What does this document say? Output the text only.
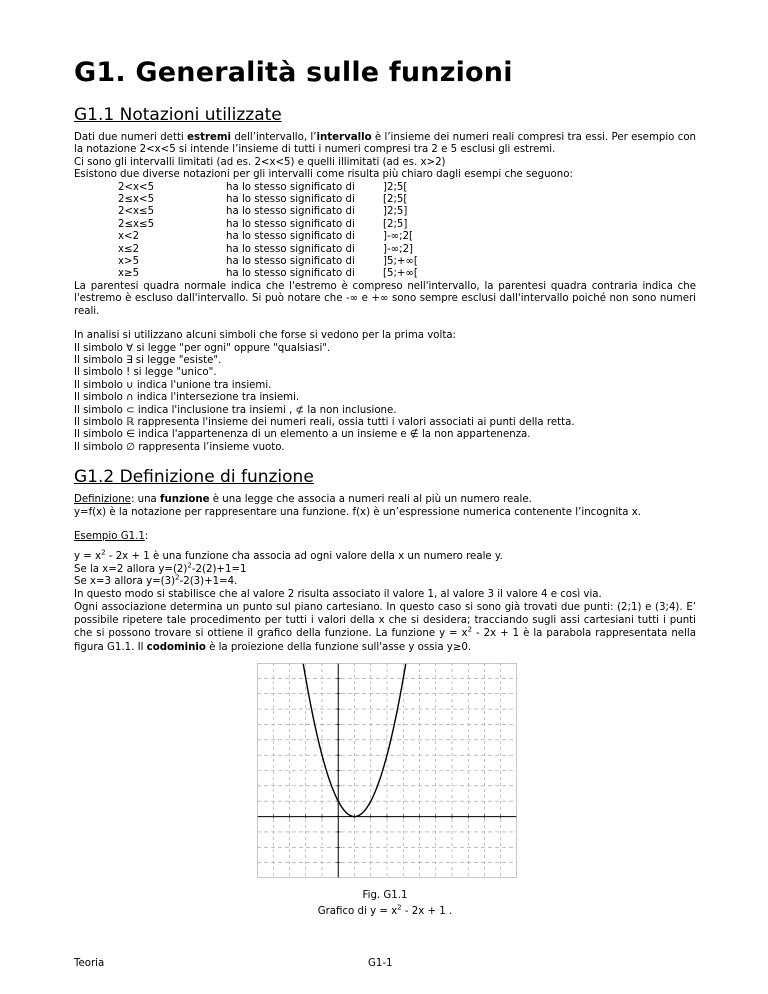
G1. Generalità sulle funzioni
G1.1 Notazioni utilizzate

Dati due numeri detti estremi dell’intervallo, l’intervallo è l’insieme dei numeri reali compresi tra essi. Per esempio con la notazione 2<x<5 si intende l’insieme di tutti i numeri compresi tra 2 e 5 esclusi gli estremi.

Ci sono gli intervalli limitati (ad es. 2<x<5) e quelli illimitati (ad es. x>2)

Esistono due diverse notazioni per gli intervalli come risulta più chiaro dagli esempi che seguono:

2<x<5	ha lo stesso significato di	]2;5[
2≤x<5	ha lo stesso significato di	[2;5[
2<x≤5	ha lo stesso significato di	]2;5]
2≤x≤5	ha lo stesso significato di	[2;5]
x<2	ha lo stesso significato di	]-∞;2[
x≤2	ha lo stesso significato di	]-∞;2]
x>5	ha lo stesso significato di	]5;+∞[
x≥5	ha lo stesso significato di	[5;+∞[

La parentesi quadra normale indica che l'estremo è compreso nell'intervallo, la parentesi quadra contraria indica che l'estremo è escluso dall'intervallo. Si può notare che -∞ e +∞ sono sempre esclusi dall'intervallo poiché non sono numeri reali.

In analisi si utilizzano alcuni simboli che forse si vedono per la prima volta:

Il simbolo ∀ si legge "per ogni" oppure "qualsiasi".

Il simbolo ∃ si legge "esiste".

Il simbolo ! si legge "unico".

Il simbolo ∪ indica l'unione tra insiemi.

Il simbolo ∩ indica l'intersezione tra insiemi.

Il simbolo ⊂ indica l'inclusione tra insiemi , ⊄ la non inclusione.

Il simbolo ℝ rappresenta l'insieme dei numeri reali, ossia tutti i valori associati ai punti della retta.

Il simbolo ∈ indica l'appartenenza di un elemento a un insieme e ∉ la non appartenenza.

Il simbolo ∅ rappresenta l’insieme vuoto.

G1.2 Definizione di funzione

Definizione: una funzione è una legge che associa a numeri reali al più un numero reale.

y=f(x) è la notazione per rappresentare una funzione. f(x) è un’espressione numerica contenente l’incognita x.

Esempio G1.1:

$y = x^2 - 2x + 1$ è una funzione cha associa ad ogni valore della x un numero reale y.

Se la x=2 allora $y=(2)^2-2(2)+1=1$

Se x=3 allora $y=(3)^2-2(3)+1=4$.

In questo modo si stabilisce che al valore 2 risulta associato il valore 1, al valore 3 il valore 4 e così via.

Ogni associazione determina un punto sul piano cartesiano. In questo caso si sono già trovati due punti: (2;1) e (3;4). E’ possibile ripetere tale procedimento per tutti i valori della x che si desidera; tracciando sugli assi cartesiani tutti i punti che si possono trovare si ottiene il grafico della funzione. La funzione $y = x^2 - 2x + 1$ è la parabola rappresentata nella figura G1.1. Il codominio è la proiezione della funzione sull'asse y ossia y≥0.

Fig. G1.1
Grafico di $y = x^2 - 2x + 1$ .
Teoria	G1-1
